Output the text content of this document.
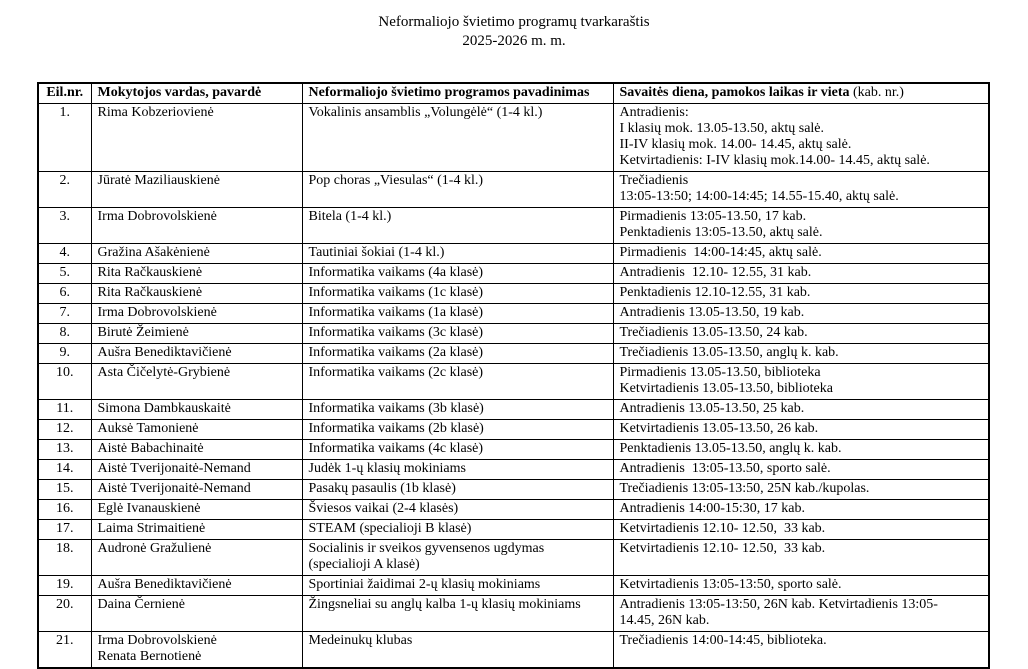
Neformaliojo švietimo programų tvarkaraštis
2025-2026 m. m.
Eil.nr.	Mokytojos vardas, pavardė	Neformaliojo švietimo programos pavadinimas	Savaitės diena, pamokos laikas ir vieta (kab. nr.)

1.	Rima Kobzeriovienė	Vokalinis ansamblis „Volungėlė“ (1-4 kl.)	Antradienis:
I klasių mok. 13.05-13.50, aktų salė.
II-IV klasių mok. 14.00- 14.45, aktų salė.
Ketvirtadienis: I-IV klasių mok.14.00- 14.45, aktų salė.

2.	Jūratė Maziliauskienė	Pop choras „Viesulas“ (1-4 kl.)	Trečiadienis
13:05-13:50; 14:00-14:45; 14.55-15.40, aktų salė.

3.	Irma Dobrovolskienė	Bitela (1-4 kl.)	Pirmadienis 13:05-13.50, 17 kab.
Penktadienis 13:05-13.50, aktų salė.

4.	Gražina Ašakėnienė	Tautiniai šokiai (1-4 kl.)	Pirmadienis  14:00-14:45, aktų salė.

5.	Rita Račkauskienė	Informatika vaikams (4a klasė)	Antradienis  12.10- 12.55, 31 kab.

6.	Rita Račkauskienė	Informatika vaikams (1c klasė)	Penktadienis 12.10-12.55, 31 kab.

7.	Irma Dobrovolskienė	Informatika vaikams (1a klasė)	Antradienis 13.05-13.50, 19 kab.

8.	Birutė Žeimienė	Informatika vaikams (3c klasė)	Trečiadienis 13.05-13.50, 24 kab.

9.	Aušra Benediktavičienė	Informatika vaikams (2a klasė)	Trečiadienis 13.05-13.50, anglų k. kab.

10.	Asta Čičelytė-Grybienė	Informatika vaikams (2c klasė)	Pirmadienis 13.05-13.50, biblioteka
Ketvirtadienis 13.05-13.50, biblioteka

11.	Simona Dambkauskaitė	Informatika vaikams (3b klasė)	Antradienis 13.05-13.50, 25 kab.

12.	Auksė Tamonienė	Informatika vaikams (2b klasė)	Ketvirtadienis 13.05-13.50, 26 kab.

13.	Aistė Babachinaitė	Informatika vaikams (4c klasė)	Penktadienis 13.05-13.50, anglų k. kab.

14.	Aistė Tverijonaitė-Nemand	Judėk 1-ų klasių mokiniams	Antradienis  13:05-13.50, sporto salė.

15.	Aistė Tverijonaitė-Nemand	Pasakų pasaulis (1b klasė)	Trečiadienis 13:05-13:50, 25N kab./kupolas.

16.	Eglė Ivanauskienė	Šviesos vaikai (2-4 klasės)	Antradienis 14:00-15:30, 17 kab.

17.	Laima Strimaitienė	STEAM (specialioji B klasė)	Ketvirtadienis 12.10- 12.50,  33 kab.

18.	Audronė Gražulienė	Socialinis ir sveikos gyvensenos ugdymas
(specialioji A klasė)	Ketvirtadienis 12.10- 12.50,  33 kab.

19.	Aušra Benediktavičienė	Sportiniai žaidimai 2-ų klasių mokiniams	Ketvirtadienis 13:05-13:50, sporto salė.

20.	Daina Černienė	Žingsneliai su anglų kalba 1-ų klasių mokiniams	Antradienis 13:05-13:50, 26N kab. Ketvirtadienis 13:05-
14.45, 26N kab.

21.	Irma Dobrovolskienė
Renata Bernotienė	Medeinukų klubas	Trečiadienis 14:00-14:45, biblioteka.
